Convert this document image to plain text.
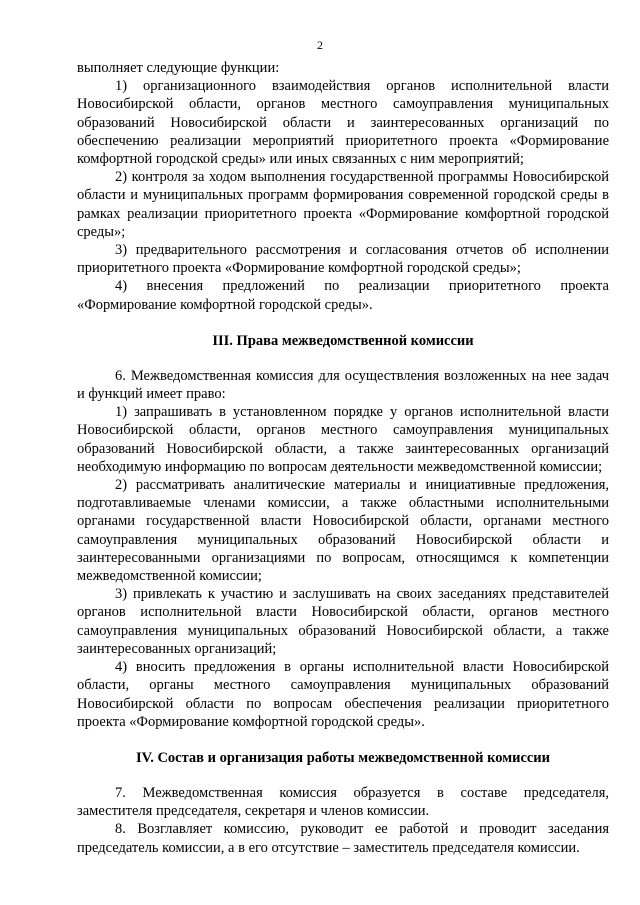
2

выполняет следующие функции:

1) организационного взаимодействия органов исполнительной власти Новосибирской области, органов местного самоуправления муниципальных образований Новосибирской области и заинтересованных организаций по обеспечению реализации мероприятий приоритетного проекта «Формирование комфортной городской среды» или иных связанных с ним мероприятий;

2) контроля за ходом выполнения государственной программы Новосибирской области и муниципальных программ формирования современной городской среды в рамках реализации приоритетного проекта «Формирование комфортной городской среды»;

3) предварительного рассмотрения и согласования отчетов об исполнении приоритетного проекта «Формирование комфортной городской среды»;

4) внесения предложений по реализации приоритетного проекта «Формирование комфортной городской среды».

III. Права межведомственной комиссии

6. Межведомственная комиссия для осуществления возложенных на нее задач и функций имеет право:

1) запрашивать в установленном порядке у органов исполнительной власти Новосибирской области, органов местного самоуправления муниципальных образований Новосибирской области, а также заинтересованных организаций необходимую информацию по вопросам деятельности межведомственной комиссии;

2) рассматривать аналитические материалы и инициативные предложения, подготавливаемые членами комиссии, а также областными исполнительными органами государственной власти Новосибирской области, органами местного самоуправления муниципальных образований Новосибирской области и заинтересованными организациями по вопросам, относящимся к компетенции межведомственной комиссии;

3) привлекать к участию и заслушивать на своих заседаниях представителей органов исполнительной власти Новосибирской области, органов местного самоуправления муниципальных образований Новосибирской области, а также заинтересованных организаций;

4) вносить предложения в органы исполнительной власти Новосибирской области, органы местного самоуправления муниципальных образований Новосибирской области по вопросам обеспечения реализации приоритетного проекта «Формирование комфортной городской среды».

IV. Состав и организация работы межведомственной комиссии

7. Межведомственная комиссия образуется в составе председателя, заместителя председателя, секретаря и членов комиссии.

8. Возглавляет комиссию, руководит ее работой и проводит заседания председатель комиссии, а в его отсутствие – заместитель председателя комиссии.
